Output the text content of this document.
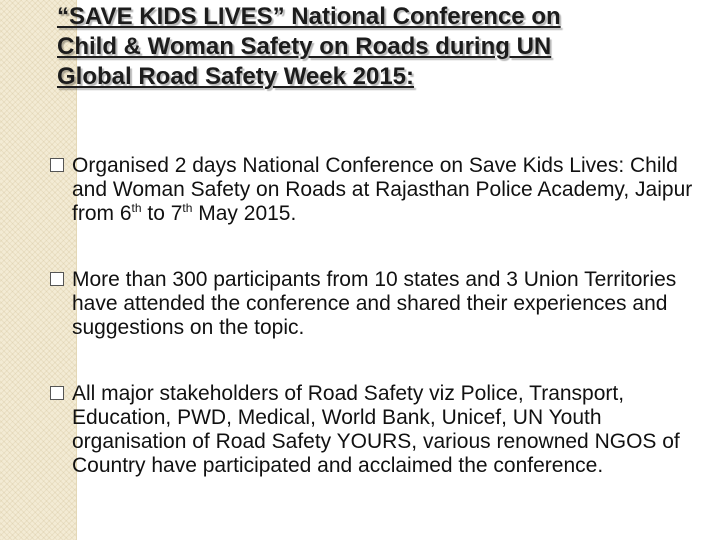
“SAVE KIDS LIVES” National Conference on
Child & Woman Safety on Roads during UN
Global Road Safety Week 2015:
Organised 2 days National Conference on Save Kids Lives: Child and Woman Safety on Roads at Rajasthan Police Academy, Jaipur from 6th to 7th May 2015.
More than 300 participants from 10 states and 3 Union Territories have attended the conference and shared their experiences and suggestions on the topic.
All major stakeholders of Road Safety viz Police, Transport, Education, PWD, Medical, World Bank, Unicef, UN Youth organisation of Road Safety YOURS, various renowned NGOS of Country have participated and acclaimed the conference.
